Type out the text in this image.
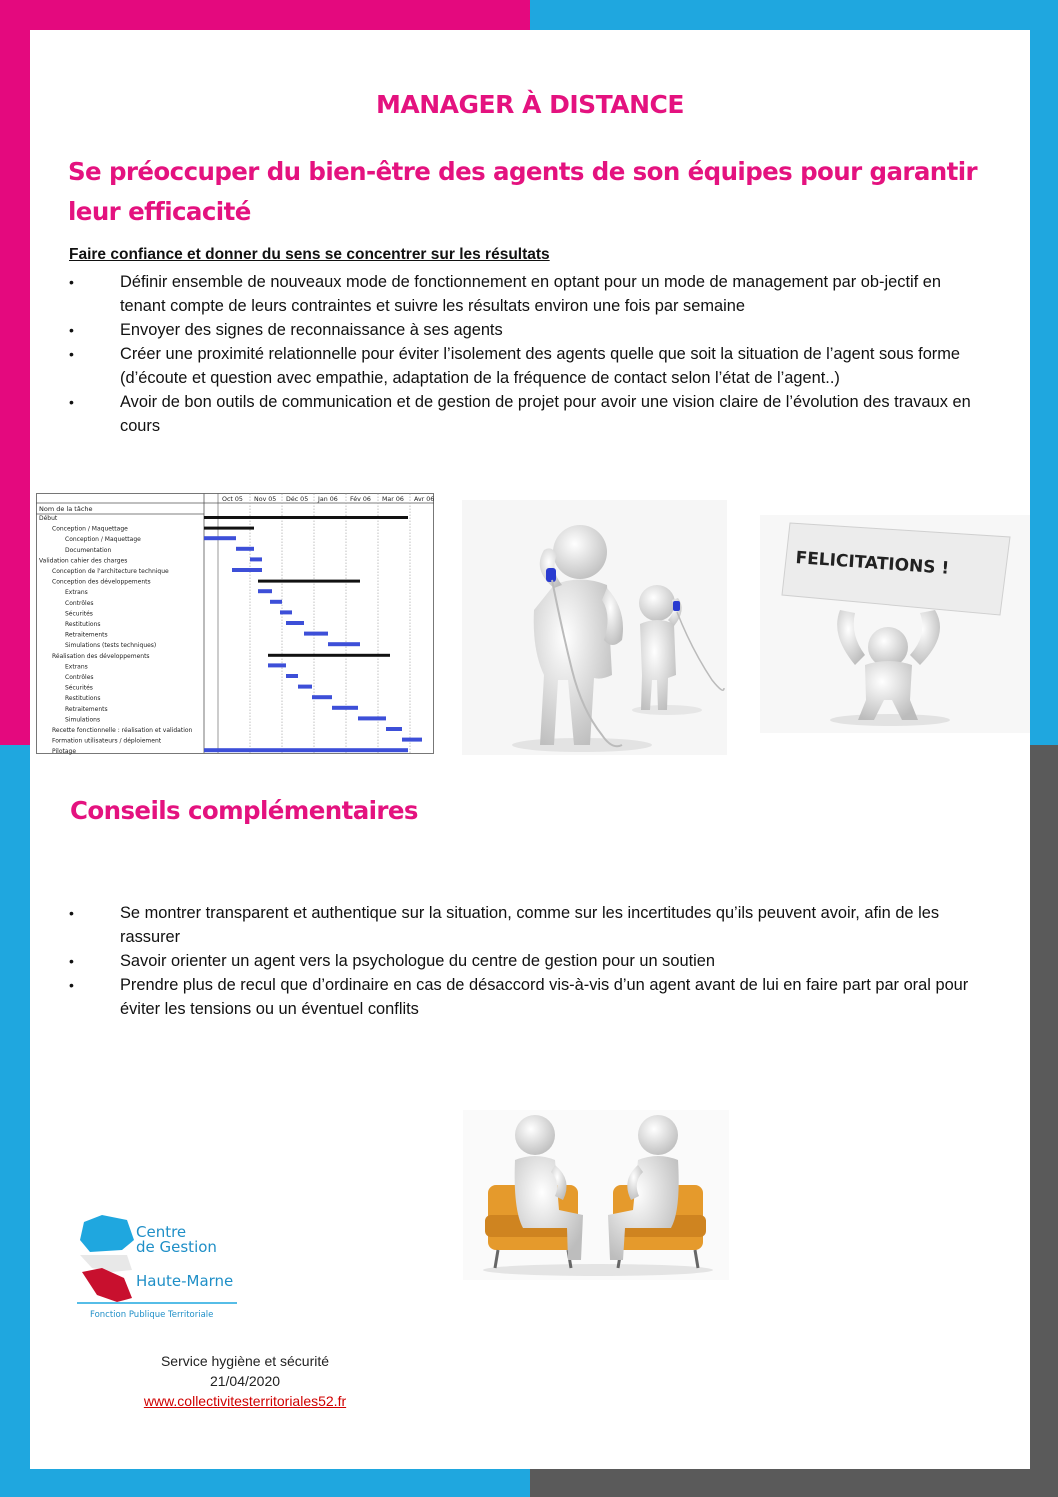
MANAGER À DISTANCE
Se préoccuper du bien-être des agents de son équipes pour garantir
leur efficacité
Faire confiance et donner du sens se concentrer sur les résultats
• Définir ensemble de nouveaux mode de fonctionnement en optant pour un mode de management par ob-jectif en tenant compte de leurs contraintes et suivre les résultats environ une fois par semaine
• Envoyer des signes de reconnaissance à ses agents
• Créer une proximité relationnelle pour éviter l’isolement des agents quelle que soit la situation de l’agent sous forme (d’écoute et question avec empathie, adaptation de la fréquence de contact selon l’état de l’agent..)
• Avoir de bon outils de communication et de gestion de projet pour avoir une vision claire de l’évolution des travaux en cours
Oct 05 Nov 05 Déc 05 Jan 06 Fév 06 Mar 06 Avr 06
Début
Conception / Maquettage
Conception / Maquettage
Documentation
Validation cahier des charges
Conception de l'architecture technique
Conception des développements
Extrans
Contrôles
Sécurités
Restitutions
Retraitements
Simulations (tests techniques)
Réalisation des développements
Extrans
Contrôles
Sécurités
Restitutions
Retraitements
Simulations
Recette fonctionnelle : réalisation et validation
Formation utilisateurs / déploiement
Pilotage
Nom de la tâche
FELICITATIONS !
Conseils complémentaires
• Se montrer transparent et authentique sur la situation, comme sur les incertitudes qu’ils peuvent avoir, afin de les rassurer
• Savoir orienter un agent vers la psychologue du centre de gestion pour un soutien
• Prendre plus de recul que d’ordinaire en cas de désaccord vis-à-vis d’un agent avant de lui en faire part par oral pour éviter les tensions ou un éventuel conflits
Centre
de Gestion
Haute-Marne
Fonction Publique Territoriale
Service hygiène et sécurité
21/04/2020
www.collectivitesterritoriales52.fr
